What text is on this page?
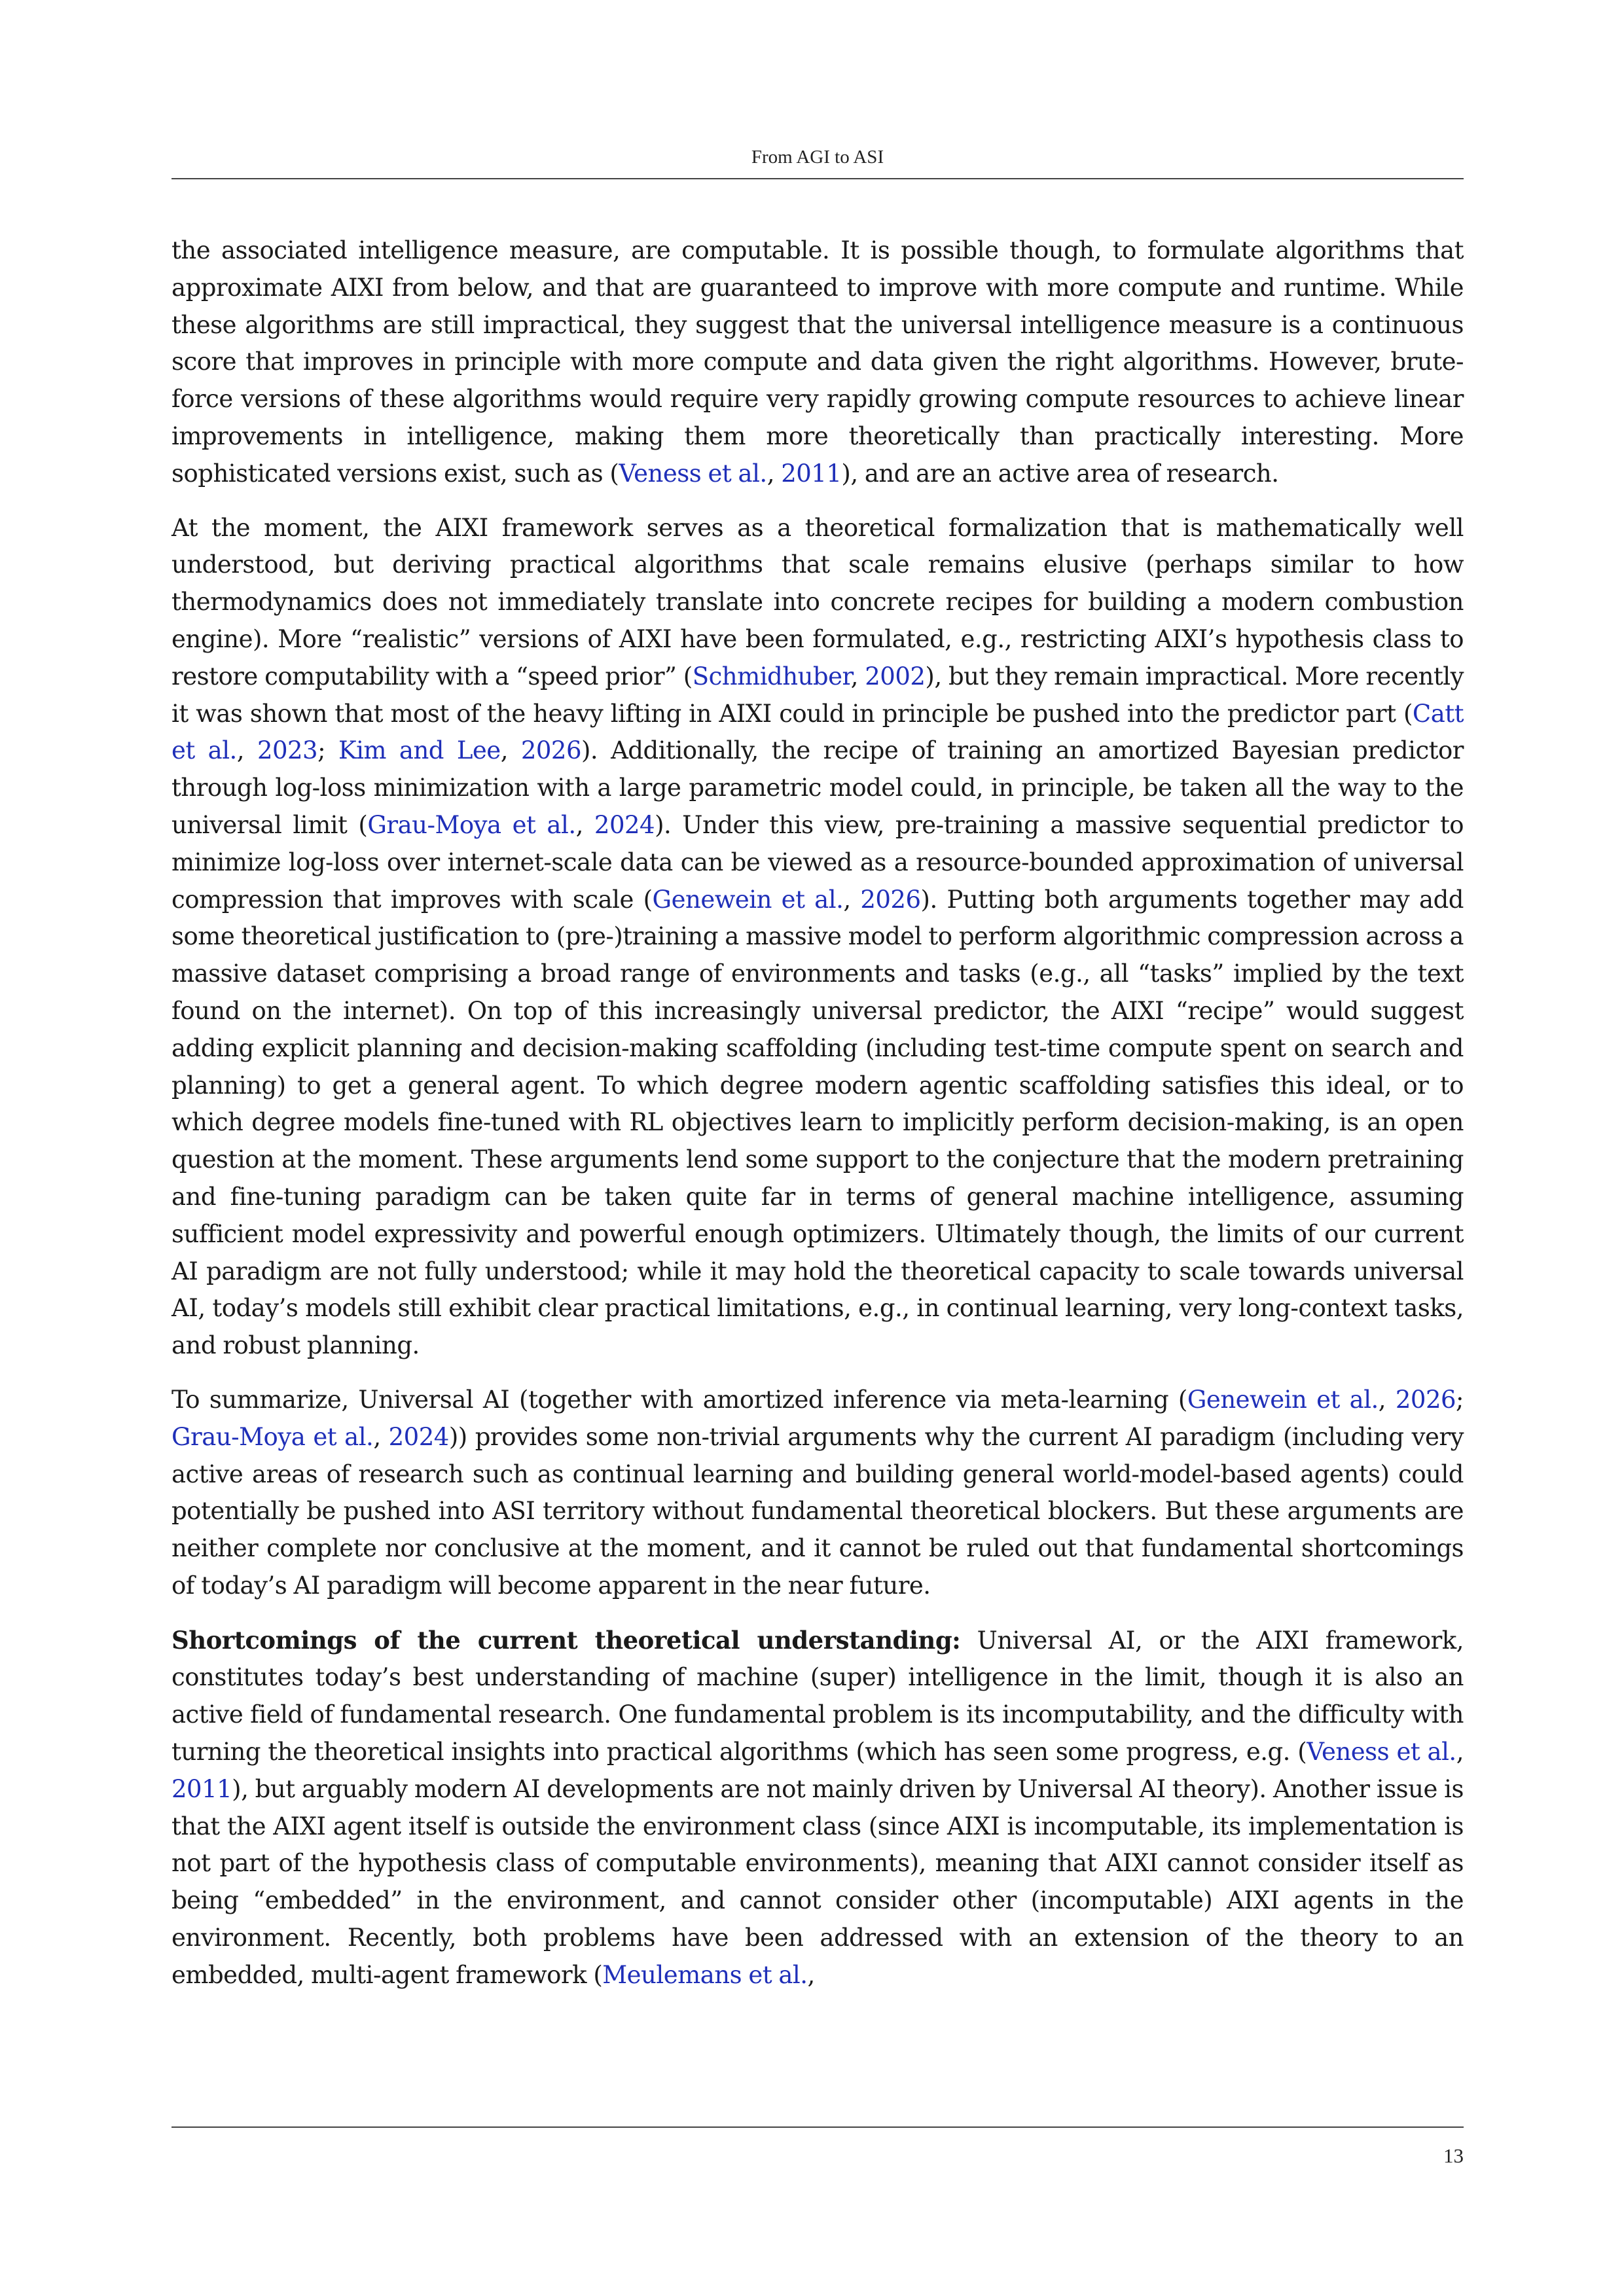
From AGI to ASI

the associated intelligence measure, are computable. It is possible though, to formulate algorithms that approximate AIXI from below, and that are guaranteed to improve with more compute and runtime. While these algorithms are still impractical, they suggest that the universal intelligence measure is a continuous score that improves in principle with more compute and data given the right algorithms. However, brute-force versions of these algorithms would require very rapidly growing compute resources to achieve linear improvements in intelligence, making them more theoretically than practically interesting. More sophisticated versions exist, such as (Veness et al., 2011), and are an active area of research.

At the moment, the AIXI framework serves as a theoretical formalization that is mathematically well understood, but deriving practical algorithms that scale remains elusive (perhaps similar to how thermodynamics does not immediately translate into concrete recipes for building a modern combustion engine). More “realistic” versions of AIXI have been formulated, e.g., restricting AIXI’s hypothesis class to restore computability with a “speed prior” (Schmidhuber, 2002), but they remain impractical. More recently it was shown that most of the heavy lifting in AIXI could in principle be pushed into the predictor part (Catt et al., 2023; Kim and Lee, 2026). Additionally, the recipe of training an amortized Bayesian predictor through log-loss minimization with a large parametric model could, in principle, be taken all the way to the universal limit (Grau-Moya et al., 2024). Under this view, pre-training a massive sequential predictor to minimize log-loss over internet-scale data can be viewed as a resource-bounded approximation of universal compression that improves with scale (Genewein et al., 2026). Putting both arguments together may add some theoretical justification to (pre-)training a massive model to perform algorithmic compression across a massive dataset comprising a broad range of environments and tasks (e.g., all “tasks” implied by the text found on the internet). On top of this increasingly universal predictor, the AIXI “recipe” would suggest adding explicit planning and decision-making scaffolding (including test-time compute spent on search and planning) to get a general agent. To which degree modern agentic scaffolding satisfies this ideal, or to which degree models fine-tuned with RL objectives learn to implicitly perform decision-making, is an open question at the moment. These arguments lend some support to the conjecture that the modern pretraining and fine-tuning paradigm can be taken quite far in terms of general machine intelligence, assuming sufficient model expressivity and powerful enough optimizers. Ultimately though, the limits of our current AI paradigm are not fully understood; while it may hold the theoretical capacity to scale towards universal AI, today’s models still exhibit clear practical limitations, e.g., in continual learning, very long-context tasks, and robust planning.

To summarize, Universal AI (together with amortized inference via meta-learning (Genewein et al., 2026; Grau-Moya et al., 2024)) provides some non-trivial arguments why the current AI paradigm (including very active areas of research such as continual learning and building general world-model-based agents) could potentially be pushed into ASI territory without fundamental theoretical blockers. But these arguments are neither complete nor conclusive at the moment, and it cannot be ruled out that fundamental shortcomings of today’s AI paradigm will become apparent in the near future.

Shortcomings of the current theoretical understanding: Universal AI, or the AIXI framework, constitutes today’s best understanding of machine (super) intelligence in the limit, though it is also an active field of fundamental research. One fundamental problem is its incomputability, and the difficulty with turning the theoretical insights into practical algorithms (which has seen some progress, e.g. (Veness et al., 2011), but arguably modern AI developments are not mainly driven by Universal AI theory). Another issue is that the AIXI agent itself is outside the environment class (since AIXI is incomputable, its implementation is not part of the hypothesis class of computable environments), meaning that AIXI cannot consider itself as being “embedded” in the environment, and cannot consider other (incomputable) AIXI agents in the environment. Recently, both problems have been addressed with an extension of the theory to an embedded, multi-agent framework (Meulemans et al.,

13
